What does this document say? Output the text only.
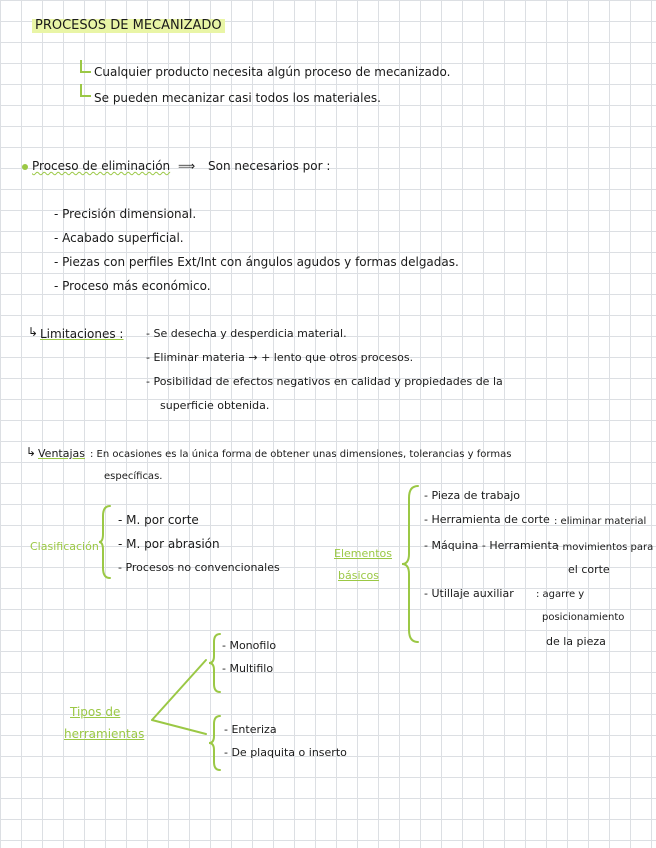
PROCESOS DE MECANIZADO
Cualquier producto necesita algún proceso de mecanizado.
Se pueden mecanizar casi todos los materiales.
Proceso de eliminación ⟹ Son necesarios por :
- Precisión dimensional.
- Acabado superficial.
- Piezas con perfiles Ext/Int con ángulos agudos y formas delgadas.
- Proceso más económico.
↳ Limitaciones : - Se desecha y desperdicia material.
- Eliminar materia → + lento que otros procesos.
- Posibilidad de efectos negativos en calidad y propiedades de la
superficie obtenida.
↳ Ventajas : En ocasiones es la única forma de obtener unas dimensiones, tolerancias y formas
específicas.
Clasificación
- M. por corte
- M. por abrasión
- Procesos no convencionales
Elementos
básicos
- Pieza de trabajo
- Herramienta de corte : eliminar material
- Máquina - Herramienta
: movimientos para
el corte
- Utillaje auxiliar : agarre y
posicionamiento
de la pieza
Tipos de
herramientas
- Monofilo
- Multifilo
- Enteriza
- De plaquita o inserto
